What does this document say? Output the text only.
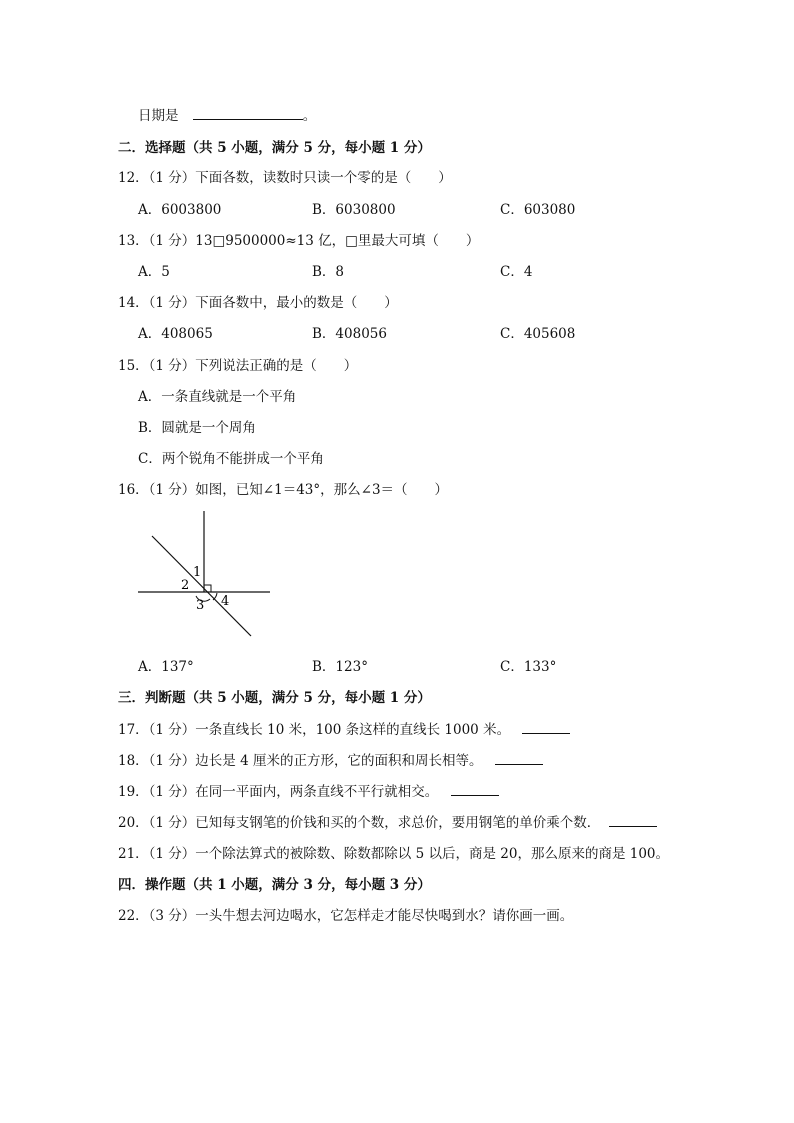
日期是	。
二．选择题（共 5 小题，满分 5 分，每小题 1 分）
12．（1 分）下面各数，读数时只读一个零的是（　　）
A．6003800	B．6030800	C．603080
13．（1 分）13□9500000≈13 亿，□里最大可填（　　）
A．5	B．8	C．4
14．（1 分）下面各数中，最小的数是（　　）
A．408065	B．408056	C．405608
15．（1 分）下列说法正确的是（　　）
A．一条直线就是一个平角
B．圆就是一个周角
C．两个锐角不能拼成一个平角
16．（1 分）如图，已知∠1＝43°，那么∠3＝（　　）
1
2
3 4
A．137°	B．123°	C．133°
三．判断题（共 5 小题，满分 5 分，每小题 1 分）
17．（1 分）一条直线长 10 米，100 条这样的直线长 1000 米。
18．（1 分）边长是 4 厘米的正方形，它的面积和周长相等。
19．（1 分）在同一平面内，两条直线不平行就相交。
20．（1 分）已知每支钢笔的价钱和买的个数，求总价，要用钢笔的单价乘个数．
21．（1 分）一个除法算式的被除数、除数都除以 5 以后，商是 20，那么原来的商是 100。
四．操作题（共 1 小题，满分 3 分，每小题 3 分）
22．（3 分）一头牛想去河边喝水，它怎样走才能尽快喝到水？请你画一画。
